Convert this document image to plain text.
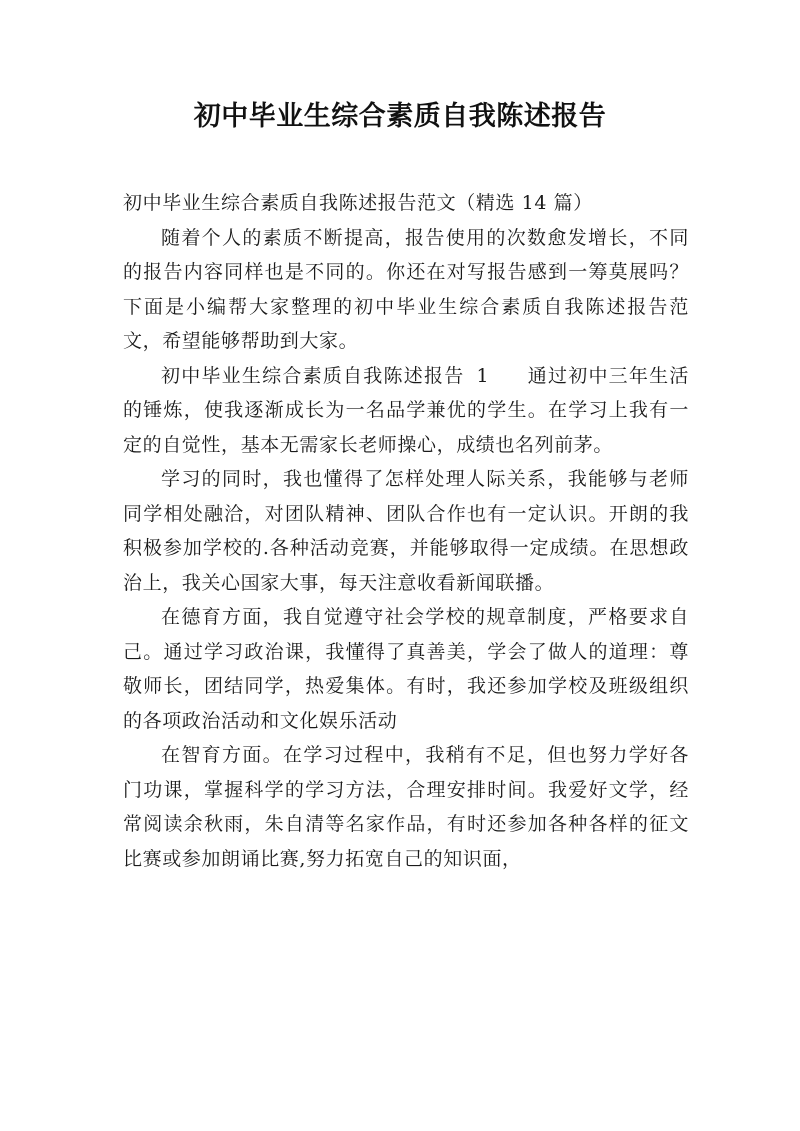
初中毕业生综合素质自我陈述报告

初中毕业生综合素质自我陈述报告范文（精选 14 篇）

随着个人的素质不断提高，报告使用的次数愈发增长，不同的报告内容同样也是不同的。你还在对写报告感到一筹莫展吗？下面是小编帮大家整理的初中毕业生综合素质自我陈述报告范文，希望能够帮助到大家。

初中毕业生综合素质自我陈述报告 1 通过初中三年生活的锤炼，使我逐渐成长为一名品学兼优的学生。在学习上我有一定的自觉性，基本无需家长老师操心，成绩也名列前茅。

学习的同时，我也懂得了怎样处理人际关系，我能够与老师同学相处融洽，对团队精神、团队合作也有一定认识。开朗的我积极参加学校的.各种活动竞赛，并能够取得一定成绩。在思想政治上，我关心国家大事，每天注意收看新闻联播。

在德育方面，我自觉遵守社会学校的规章制度，严格要求自己。通过学习政治课，我懂得了真善美，学会了做人的道理：尊敬师长，团结同学，热爱集体。有时，我还参加学校及班级组织的各项政治活动和文化娱乐活动

在智育方面。在学习过程中，我稍有不足，但也努力学好各门功课，掌握科学的学习方法，合理安排时间。我爱好文学，经常阅读余秋雨，朱自清等名家作品，有时还参加各种各样的征文比赛或参加朗诵比赛,努力拓宽自己的知识面，
